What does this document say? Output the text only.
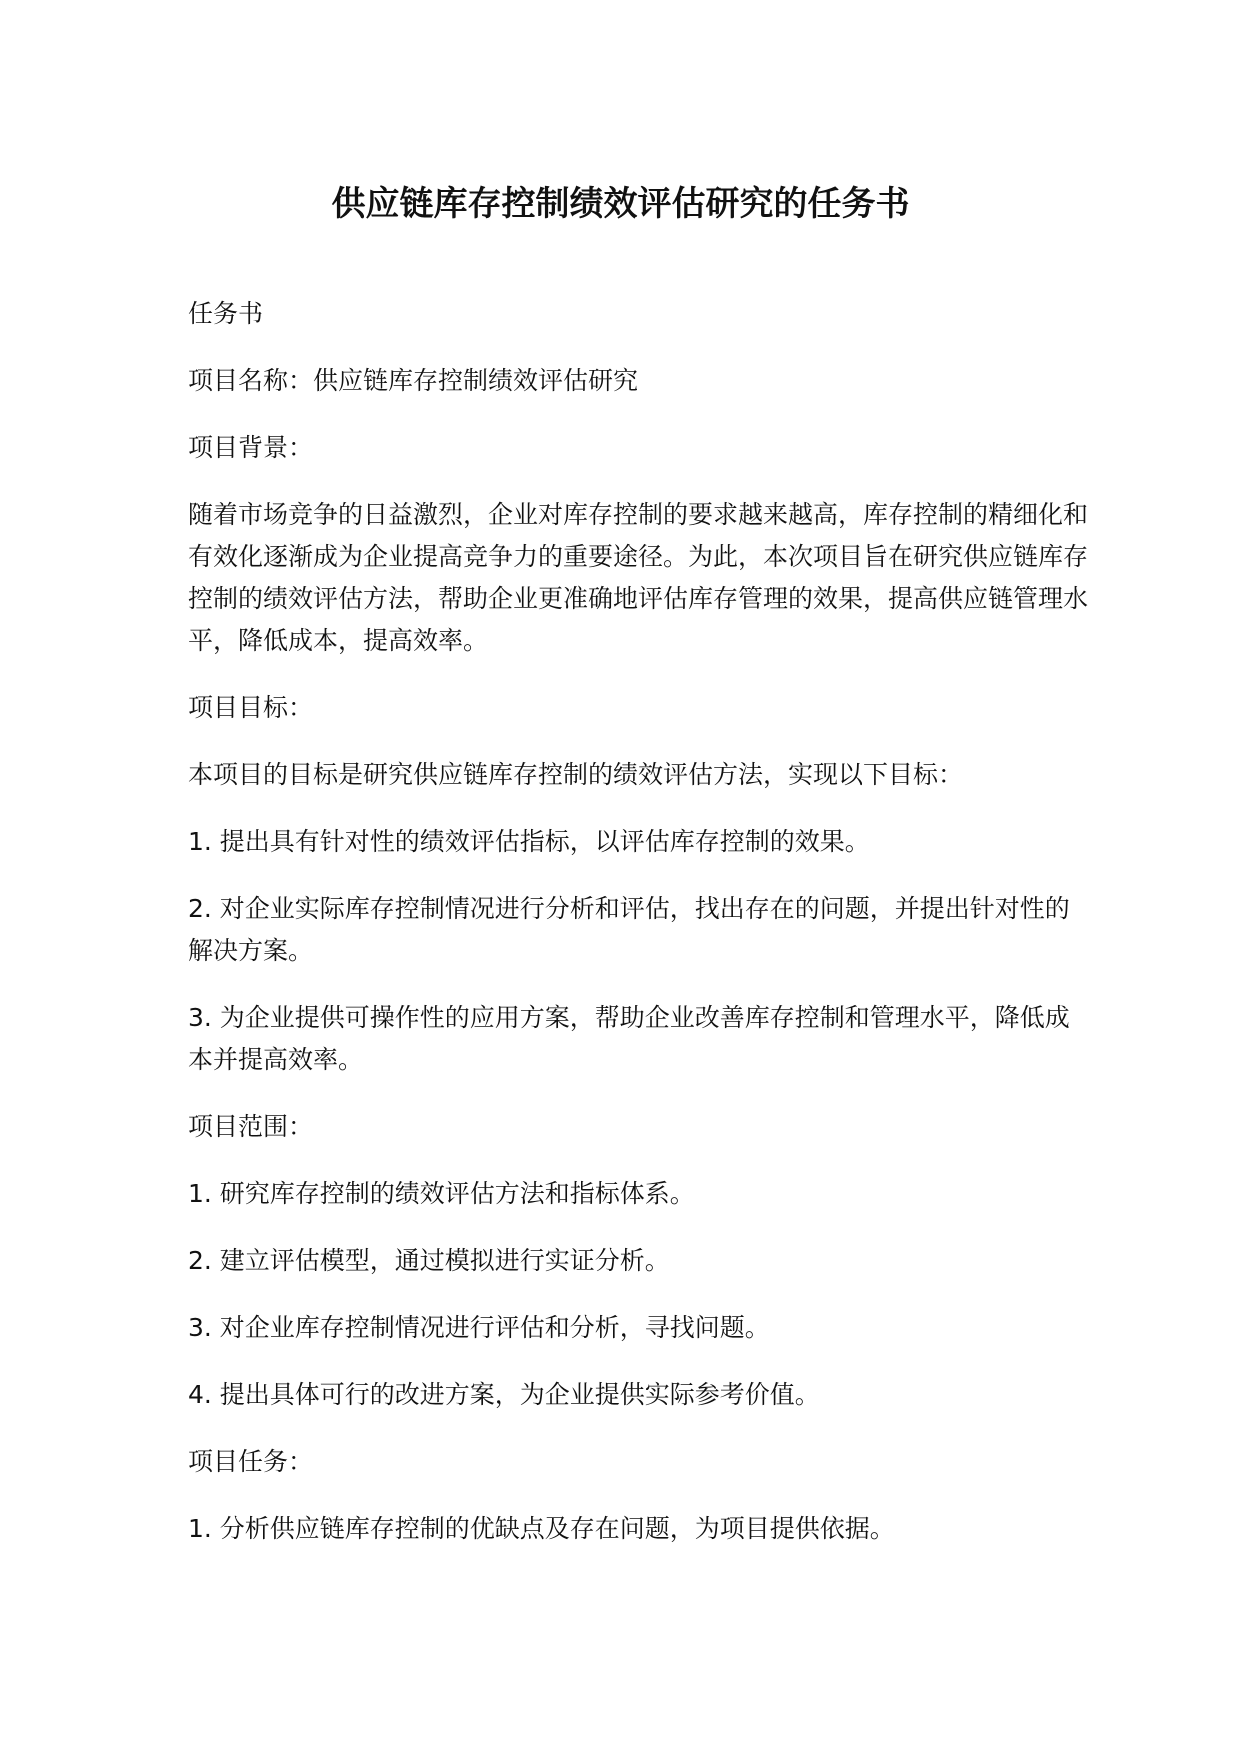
供应链库存控制绩效评估研究的任务书

任务书

项目名称：供应链库存控制绩效评估研究

项目背景：

随着市场竞争的日益激烈，企业对库存控制的要求越来越高，库存控制的精细化和有效化逐渐成为企业提高竞争力的重要途径。为此，本次项目旨在研究供应链库存控制的绩效评估方法，帮助企业更准确地评估库存管理的效果，提高供应链管理水平，降低成本，提高效率。

项目目标：

本项目的目标是研究供应链库存控制的绩效评估方法，实现以下目标：

1. 提出具有针对性的绩效评估指标，以评估库存控制的效果。

2. 对企业实际库存控制情况进行分析和评估，找出存在的问题，并提出针对性的解决方案。

3. 为企业提供可操作性的应用方案，帮助企业改善库存控制和管理水平，降低成本并提高效率。

项目范围：

1. 研究库存控制的绩效评估方法和指标体系。

2. 建立评估模型，通过模拟进行实证分析。

3. 对企业库存控制情况进行评估和分析，寻找问题。

4. 提出具体可行的改进方案，为企业提供实际参考价值。

项目任务：

1. 分析供应链库存控制的优缺点及存在问题，为项目提供依据。
